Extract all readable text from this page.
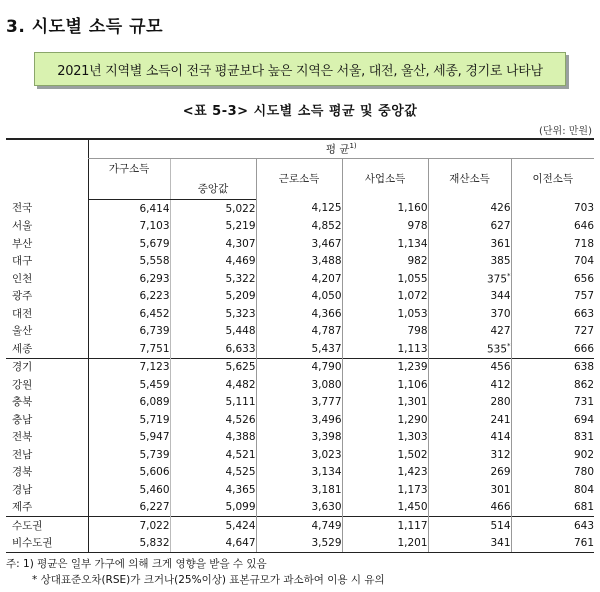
3. 시도별 소득 규모
2021년 지역별 소득이 전국 평균보다 높은 지역은 서울, 대전, 울산, 세종, 경기로 나타남
<표 5-3> 시도별 소득 평균 및 중앙값
(단위: 만원)
	평 균$^{1)}$
	가구소득		근로소득	사업소득	재산소득	이전소득
		중앙값				
전국	6,414	5,022	4,125	1,160	426	703
서울	7,103	5,219	4,852	978	627	646
부산	5,679	4,307	3,467	1,134	361	718
대구	5,558	4,469	3,488	982	385	704
인천	6,293	5,322	4,207	1,055	375*	656
광주	6,223	5,209	4,050	1,072	344	757
대전	6,452	5,323	4,366	1,053	370	663
울산	6,739	5,448	4,787	798	427	727
세종	7,751	6,633	5,437	1,113	535*	666
경기	7,123	5,625	4,790	1,239	456	638
강원	5,459	4,482	3,080	1,106	412	862
충북	6,089	5,111	3,777	1,301	280	731
충남	5,719	4,526	3,496	1,290	241	694
전북	5,947	4,388	3,398	1,303	414	831
전남	5,739	4,521	3,023	1,502	312	902
경북	5,606	4,525	3,134	1,423	269	780
경남	5,460	4,365	3,181	1,173	301	804
제주	6,227	5,099	3,630	1,450	466	681
수도권	7,022	5,424	4,749	1,117	514	643
비수도권	5,832	4,647	3,529	1,201	341	761
주: 1) 평균은 일부 가구에 의해 크게 영향을 받을 수 있음
* 상대표준오차(RSE)가 크거나(25%이상) 표본규모가 과소하여 이용 시 유의
